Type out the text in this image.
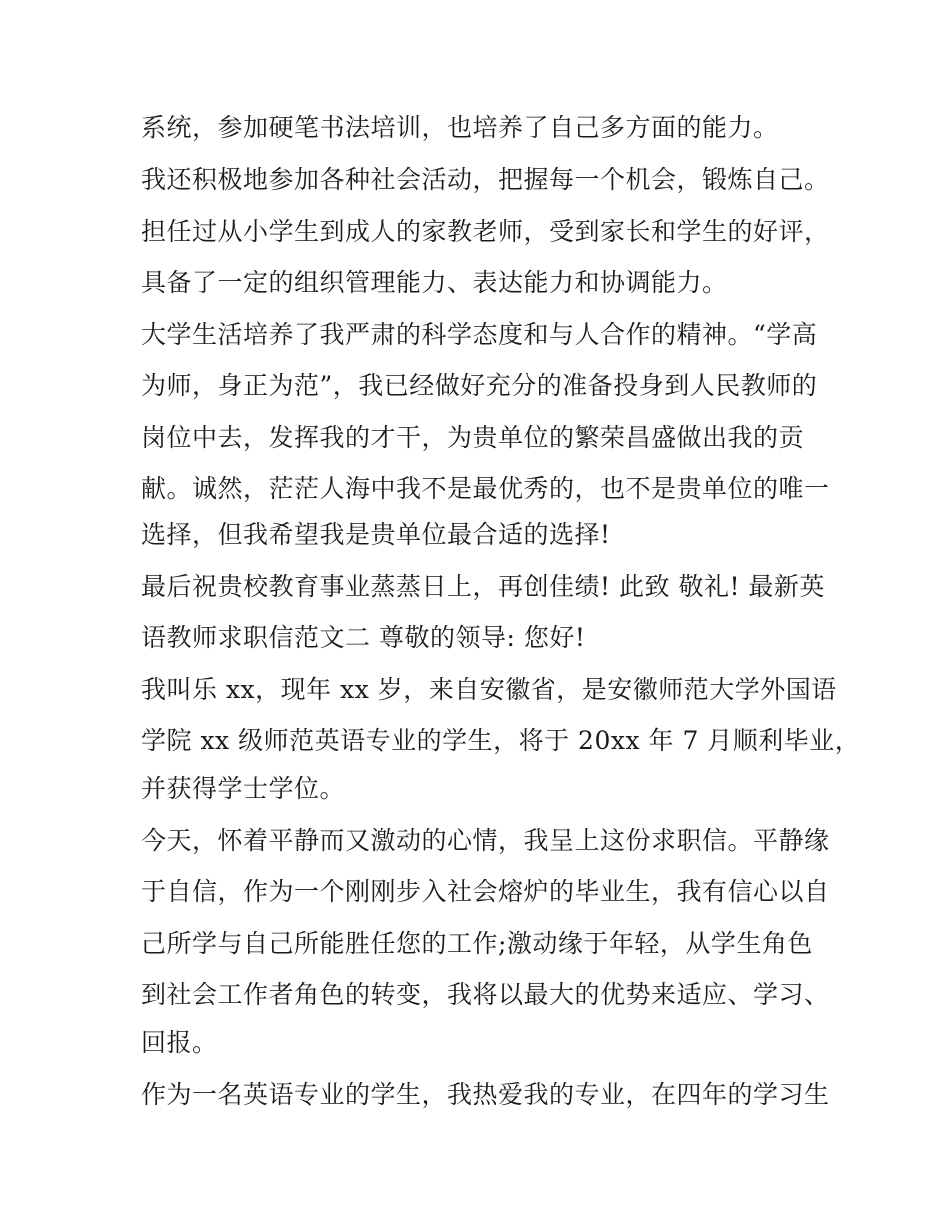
系统，参加硬笔书法培训，也培养了自己多方面的能力。

我还积极地参加各种社会活动，把握每一个机会，锻炼自己。

担任过从小学生到成人的家教老师，受到家长和学生的好评，

具备了一定的组织管理能力、表达能力和协调能力。

大学生活培养了我严肃的科学态度和与人合作的精神。“学高

为师，身正为范”，我已经做好充分的准备投身到人民教师的

岗位中去，发挥我的才干，为贵单位的繁荣昌盛做出我的贡

献。诚然，茫茫人海中我不是最优秀的，也不是贵单位的唯一

选择，但我希望我是贵单位最合适的选择!

最后祝贵校教育事业蒸蒸日上，再创佳绩! 此致 敬礼! 最新英

语教师求职信范文二 尊敬的领导: 您好!

我叫乐 xx，现年 xx 岁，来自安徽省，是安徽师范大学外国语

学院 xx 级师范英语专业的学生，将于 20xx 年 7 月顺利毕业，

并获得学士学位。

今天，怀着平静而又激动的心情，我呈上这份求职信。平静缘

于自信，作为一个刚刚步入社会熔炉的毕业生，我有信心以自

己所学与自己所能胜任您的工作;激动缘于年轻，从学生角色

到社会工作者角色的转变，我将以最大的优势来适应、学习、

回报。

作为一名英语专业的学生，我热爱我的专业，在四年的学习生
